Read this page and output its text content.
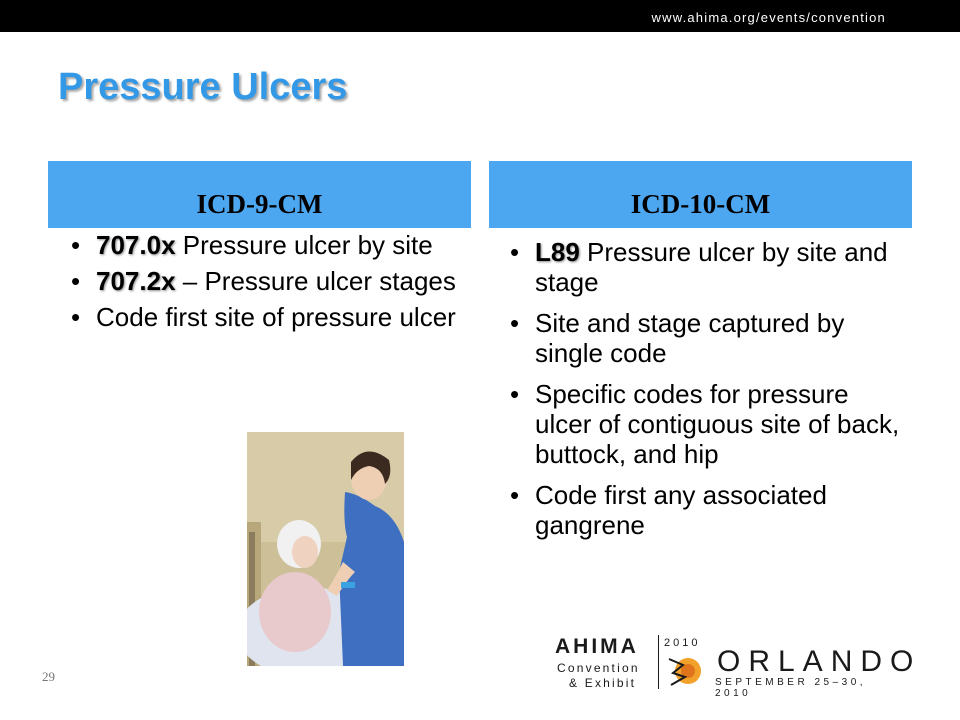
www.ahima.org/events/convention
Pressure Ulcers
ICD-9-CM	ICD-10-CM
• 707.0x Pressure ulcer by site
• 707.2x – Pressure ulcer stages
• Code first site of pressure ulcer
• L89 Pressure ulcer by site and stage
• Site and stage captured by single code
• Specific codes for pressure ulcer of contiguous site of back, buttock, and hip
• Code first any associated gangrene
29
AHIMA
Convention
& Exhibit
2010
ORLANDO
SEPTEMBER 25–30, 2010
